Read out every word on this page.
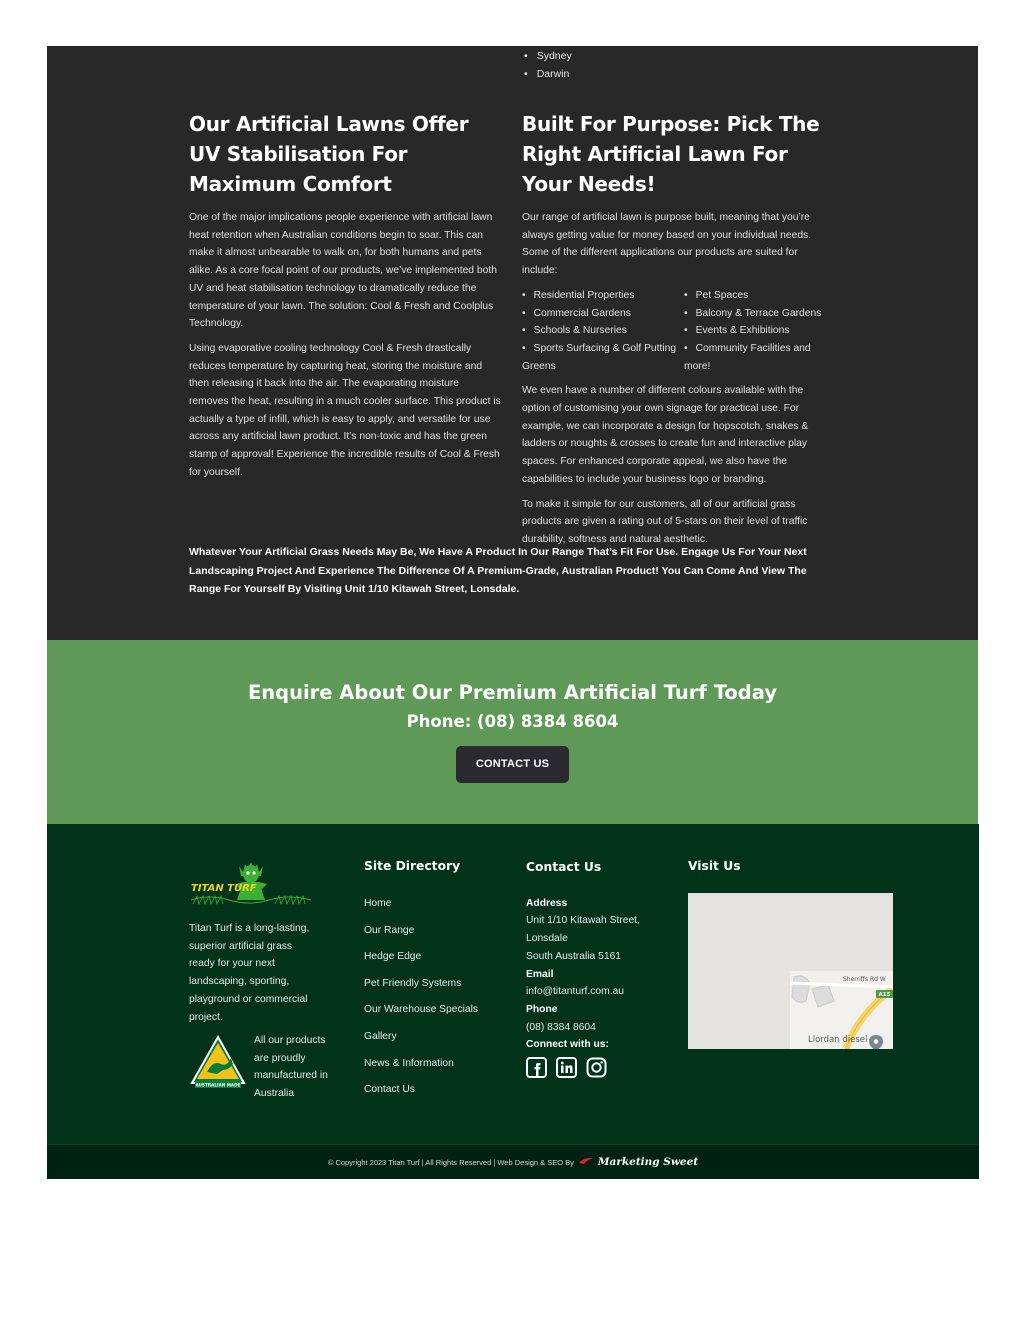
• Sydney
• Darwin
Our Artificial Lawns Offer UV Stabilisation For Maximum Comfort

One of the major implications people experience with artificial lawn heat retention when Australian conditions begin to soar. This can make it almost unbearable to walk on, for both humans and pets alike. As a core focal point of our products, we’ve implemented both UV and heat stabilisation technology to dramatically reduce the temperature of your lawn. The solution: Cool & Fresh and Coolplus Technology.

Using evaporative cooling technology Cool & Fresh drastically reduces temperature by capturing heat, storing the moisture and then releasing it back into the air. The evaporating moisture removes the heat, resulting in a much cooler surface. This product is actually a type of infill, which is easy to apply, and versatile for use across any artificial lawn product. It’s non-toxic and has the green stamp of approval! Experience the incredible results of Cool & Fresh for yourself.

Built For Purpose: Pick The Right Artificial Lawn For Your Needs!

Our range of artificial lawn is purpose built, meaning that you’re always getting value for money based on your individual needs. Some of the different applications our products are suited for include:

• Residential Properties	• Pet Spaces
• Commercial Gardens	• Balcony & Terrace Gardens
• Schools & Nurseries	• Events & Exhibitions
• Sports Surfacing & Golf Putting Greens
• Community Facilities and more!

We even have a number of different colours available with the option of customising your own signage for practical use. For example, we can incorporate a design for hopscotch, snakes & ladders or noughts & crosses to create fun and interactive play spaces. For enhanced corporate appeal, we also have the capabilities to include your business logo or branding.

To make it simple for our customers, all of our artificial grass products are given a rating out of 5-stars on their level of traffic durability, softness and natural aesthetic.

Whatever Your Artificial Grass Needs May Be, We Have A Product In Our Range That’s Fit For Use. Engage Us For Your Next Landscaping Project And Experience The Difference Of A Premium-Grade, Australian Product! You Can Come And View The Range For Yourself By Visiting Unit 1/10 Kitawah Street, Lonsdale.

Enquire About Our Premium Artificial Turf Today
Phone: (08) 8384 8604
CONTACT US
TITAN TURF

Titan Turf is a long-lasting, superior artificial grass ready for your next landscaping, sporting, playground or commercial project.

AUSTRALIAN MADE

All our products are proudly manufactured in Australia

Site Directory
Home
Our Range
Hedge Edge
Pet Friendly Systems
Our Warehouse Specials
Gallery
News & Information
Contact Us
Contact Us
Address
Unit 1/10 Kitawah Street, Lonsdale
South Australia 5161
Email
info@titanturf.com.au
Phone
(08) 8384 8604
Connect with us:
Visit Us
Sherriffs Rd W
A15
Llordan diesel
© Copyright 2023 Titan Turf | All Rights Reserved | Web Design & SEO By Marketing Sweet
